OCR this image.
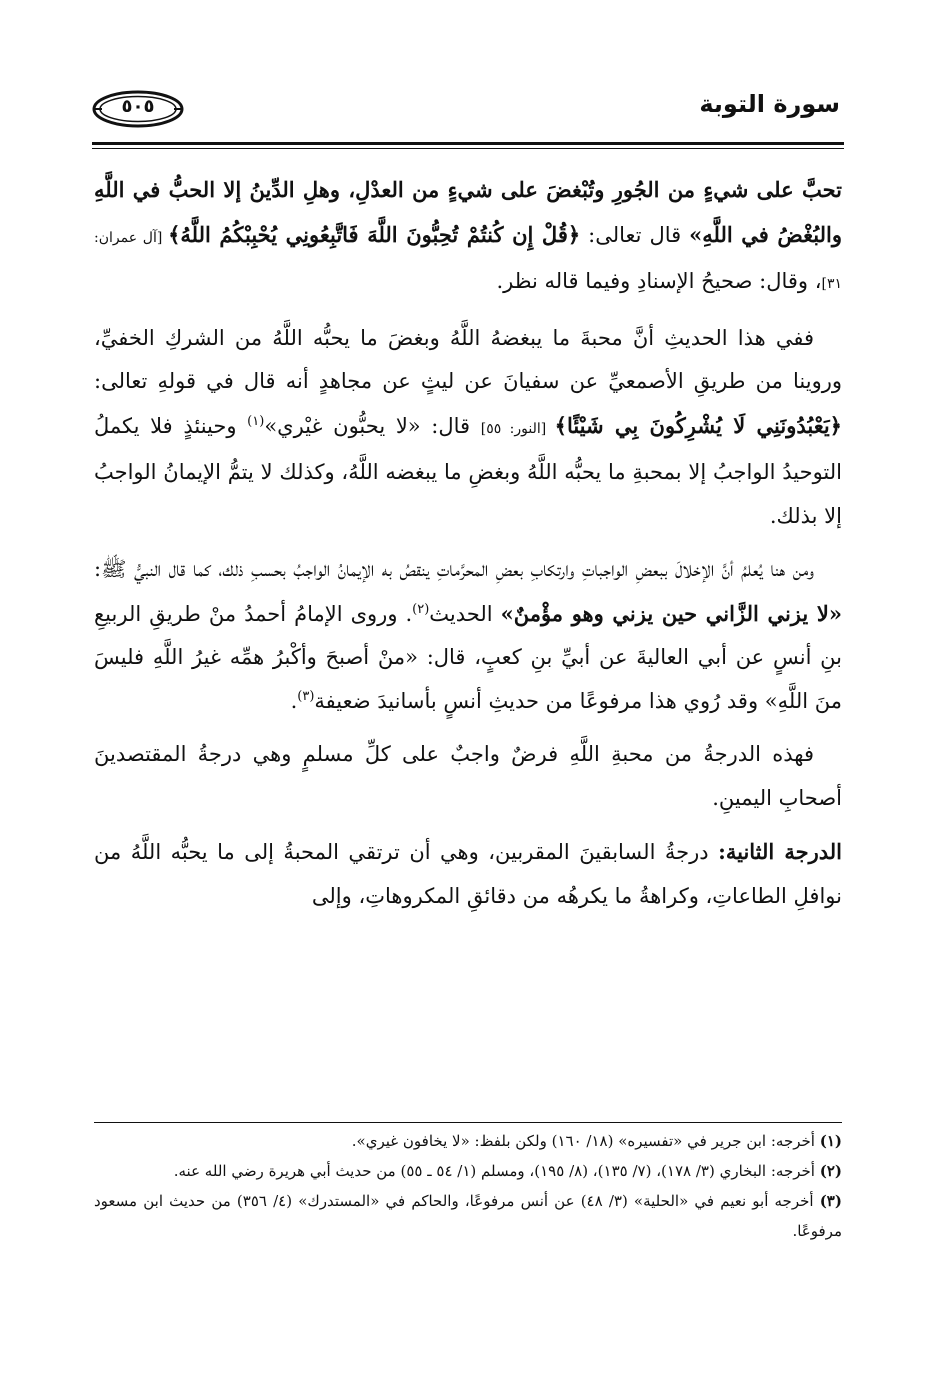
٥٠٥	سورة التوبة

تحبَّ على شيءٍ من الجُورِ وتُبْغضَ على شيءٍ من العدْلِ، وهلِ الدِّينُ إلا الحبُّ في اللَّهِ والبُغْضُ في اللَّهِ» قال تعالى: ﴿قُلْ إِن كُنتُمْ تُحِبُّونَ اللَّهَ فَاتَّبِعُونِي يُحْبِبْكُمُ اللَّهُ﴾ [آل عمران: ٣١]، وقال: صحيحُ الإسنادِ وفيما قاله نظر.

ففي هذا الحديثِ أنَّ محبةَ ما يبغضهُ اللَّهُ وبغضَ ما يحبُّه اللَّهُ من الشركِ الخفيِّ، وروينا من طريقِ الأصمعيِّ عن سفيانَ عن ليثٍ عن مجاهدٍ أنه قال في قولهِ تعالى: ﴿يَعْبُدُونَنِي لَا يُشْرِكُونَ بِي شَيْئًا﴾ [النور: ٥٥] قال: «لا يحبُّون غيْري»$^{(١)}$ وحينئذٍ فلا يكملُ التوحيدُ الواجبُ إلا بمحبةِ ما يحبُّه اللَّهُ وبغضِ ما يبغضه اللَّهُ، وكذلك لا يتمُّ الإيمانُ الواجبُ إلا بذلك.

ومن هنا يُعلمُ أنَّ الإخلالَ ببعضِ الواجباتِ وارتكابِ بعضِ المحرَّماتِ ينقصُ به الإيمانُ الواجبُ بحسبِ ذلك، كما قال النبيُّ ﷺ: «لا يزني الزَّاني حين يزني وهو مؤْمنٌ» الحديث$^{(٢)}$. وروى الإمامُ أحمدُ منْ طريقِ الربيعِ بنِ أنسٍ عن أبي العاليةَ عن أبيِّ بنِ كعبٍ، قال: «منْ أصبحَ وأكْبرُ همِّه غيرُ اللَّهِ فليسَ منَ اللَّهِ» وقد رُوي هذا مرفوعًا من حديثِ أنسٍ بأسانيدَ ضعيفة$^{(٣)}$.

فهذه الدرجةُ من محبةِ اللَّهِ فرضٌ واجبٌ على كلِّ مسلمٍ وهي درجةُ المقتصدينَ أصحابِ اليمينِ.

الدرجة الثانية: درجةُ السابقينَ المقربين، وهي أن ترتقي المحبةُ إلى ما يحبُّه اللَّهُ من نوافلِ الطاعاتِ، وكراهةُ ما يكرهُه من دقائقِ المكروهاتِ، وإلى

(١) أخرجه: ابن جرير في «تفسيره» (١٨/ ١٦٠) ولكن بلفظ: «لا يخافون غيري».

(٢) أخرجه: البخاري (٣/ ١٧٨)، (٧/ ١٣٥)، (٨/ ١٩٥)، ومسلم (١/ ٥٤ ـ ٥٥) من حديث أبي هريرة رضي الله عنه.

(٣) أخرجه أبو نعيم في «الحلية» (٣/ ٤٨) عن أنس مرفوعًا، والحاكم في «المستدرك» (٤/ ٣٥٦) من حديث ابن مسعود مرفوعًا.
